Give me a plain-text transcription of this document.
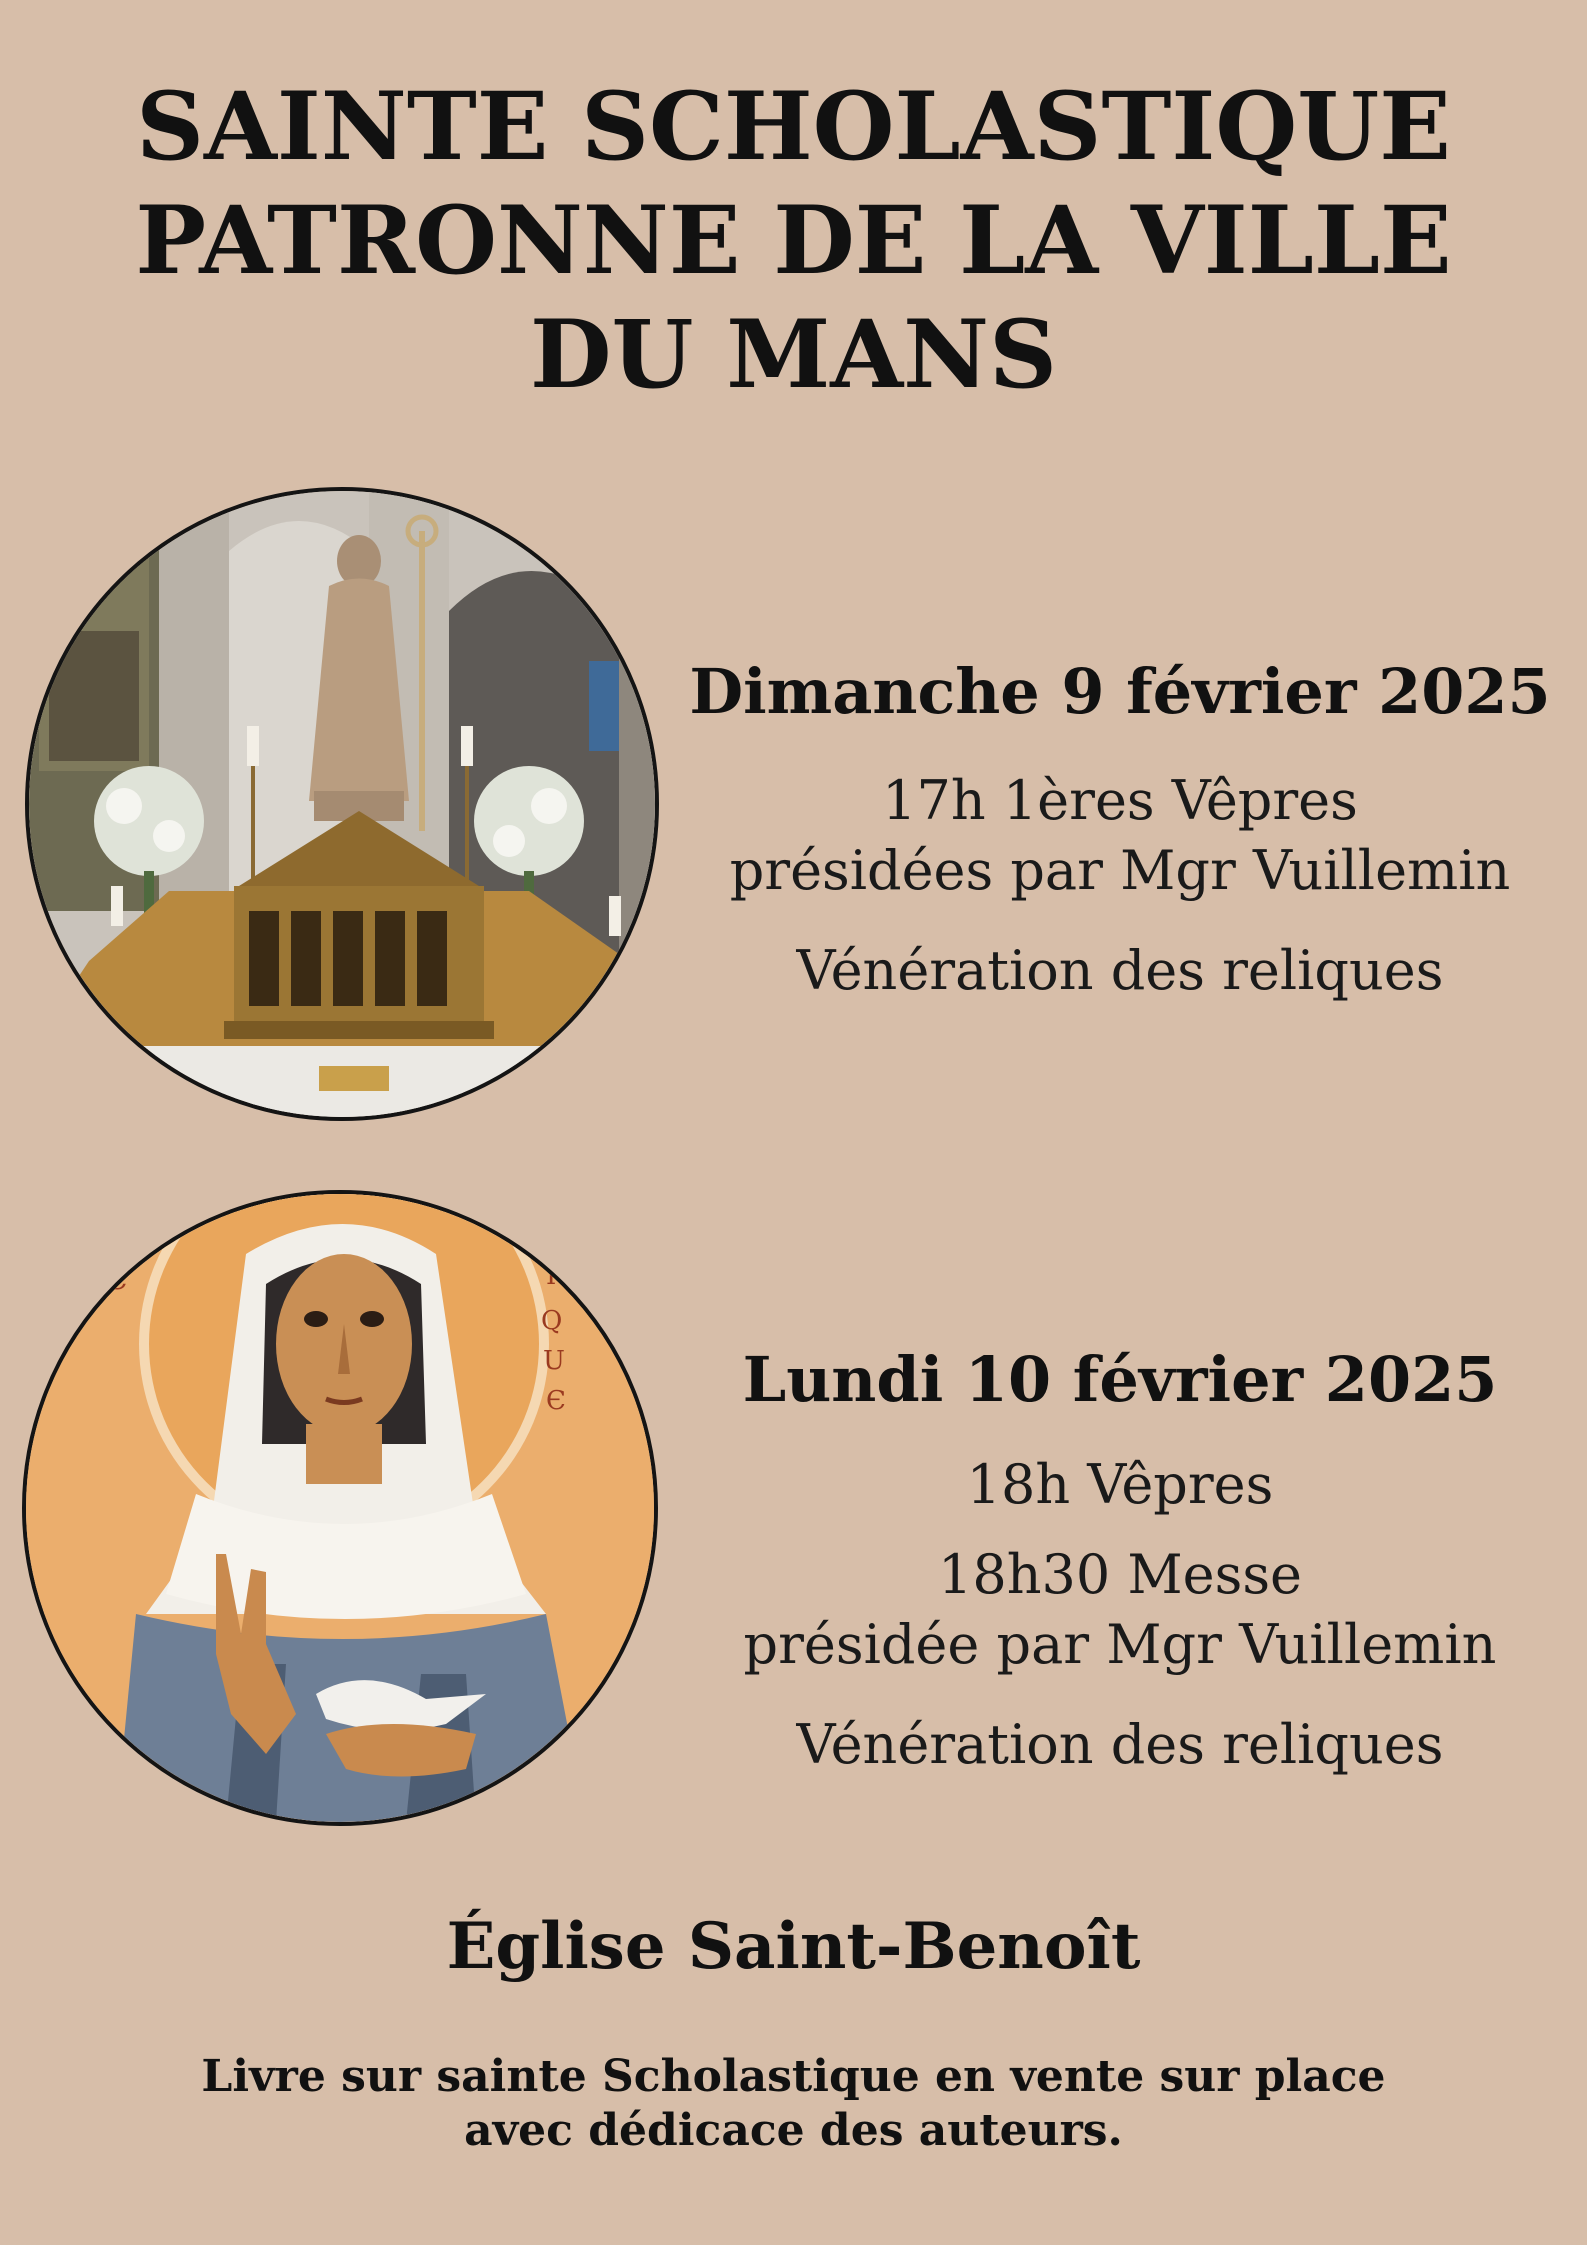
SAINTE SCHOLASTIQUE
PATRONNE DE LA VILLE
DU MANS
Є	I
Q
U
Є
Dimanche 9 février 2025
17h 1ères Vêpres
présidées par Mgr Vuillemin
Vénération des reliques
Lundi 10 février 2025
18h Vêpres
18h30 Messe
présidée par Mgr Vuillemin
Vénération des reliques
Église Saint-Benoît
Livre sur sainte Scholastique en vente sur place
avec dédicace des auteurs.
